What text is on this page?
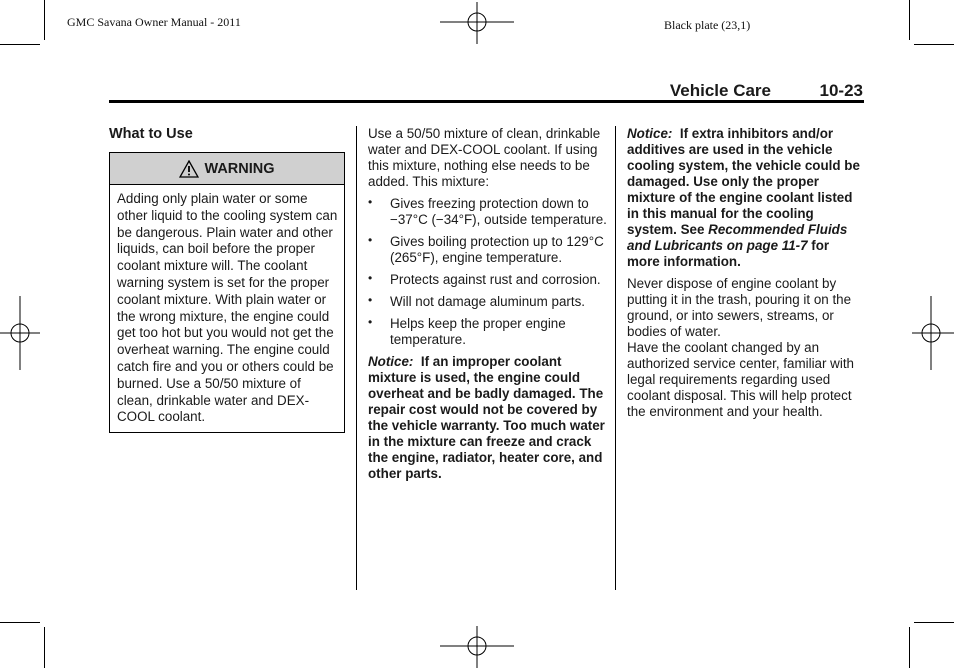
GMC Savana Owner Manual - 2011	Black plate (23,1)
Vehicle Care	10-23
What to Use
WARNING
Adding only plain water or some other liquid to the cooling system can be dangerous. Plain water and other liquids, can boil before the proper coolant mixture will. The coolant warning system is set for the proper coolant mixture. With plain water or the wrong mixture, the engine could get too hot but you would not get the overheat warning. The engine could catch fire and you or others could be burned. Use a 50/50 mixture of clean, drinkable water and DEX-COOL coolant.

Use a 50/50 mixture of clean, drinkable water and DEX-COOL coolant. If using this mixture, nothing else needs to be added. This mixture:

• Gives freezing protection down to −37°C (−34°F), outside temperature.
• Gives boiling protection up to 129°C (265°F), engine temperature.
• Protects against rust and corrosion.
• Will not damage aluminum parts.
• Helps keep the proper engine temperature.

Notice: If an improper coolant mixture is used, the engine could overheat and be badly damaged. The repair cost would not be covered by the vehicle warranty. Too much water in the mixture can freeze and crack the engine, radiator, heater core, and other parts.

Notice: If extra inhibitors and/or additives are used in the vehicle cooling system, the vehicle could be damaged. Use only the proper mixture of the engine coolant listed in this manual for the cooling system. See Recommended Fluids and Lubricants on page 11-7 for more information.

Never dispose of engine coolant by putting it in the trash, pouring it on the ground, or into sewers, streams, or bodies of water.

Have the coolant changed by an authorized service center, familiar with legal requirements regarding used coolant disposal. This will help protect the environment and your health.
